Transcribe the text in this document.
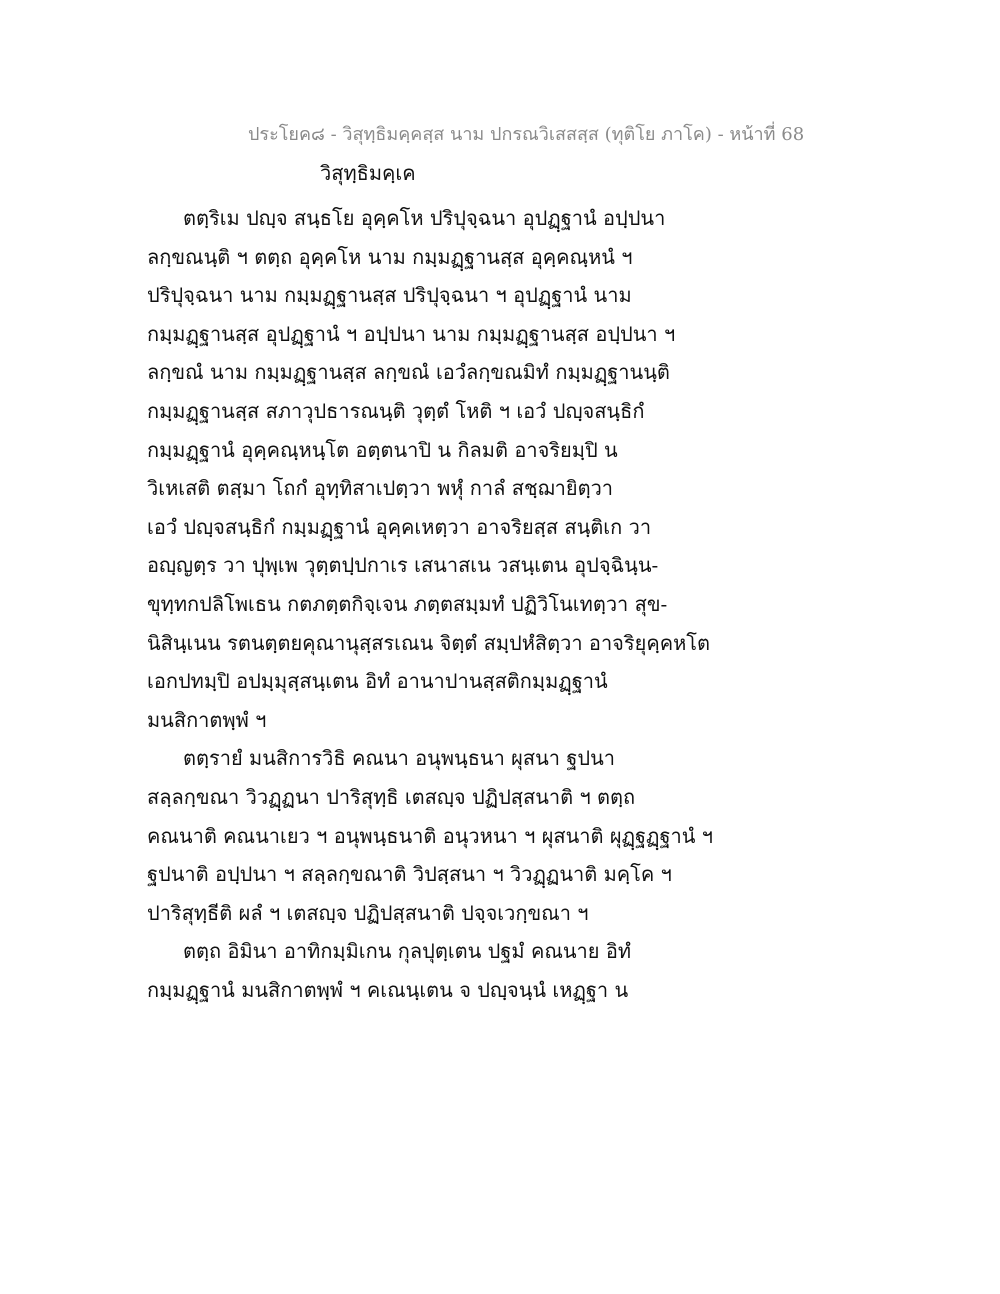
ประโยค๘ - วิสุทฺธิมคฺคสฺส นาม ปกรณวิเสสสฺส (ทุติโย ภาโค) - หน้าที่ 68
วิสุทฺธิมคฺเค
ตตฺริเม ปญฺจ สนฺธโย อุคฺคโห ปริปุจฺฉนา อุปฏฺฐานํ อปฺปนา
ลกฺขณนฺติ ฯ ตตฺถ อุคฺคโห นาม กมฺมฏฺฐานสฺส อุคฺคณฺหนํ ฯ
ปริปุจฺฉนา นาม กมฺมฏฺฐานสฺส ปริปุจฺฉนา ฯ อุปฏฺฐานํ นาม
กมฺมฏฺฐานสฺส อุปฏฺฐานํ ฯ อปฺปนา นาม กมฺมฏฺฐานสฺส อปฺปนา ฯ
ลกฺขณํ นาม กมฺมฏฺฐานสฺส ลกฺขณํ เอวํลกฺขณมิทํ กมฺมฏฺฐานนฺติ
กมฺมฏฺฐานสฺส สภาวุปธารณนฺติ วุตฺตํ โหติ ฯ เอวํ ปญฺจสนฺธิกํ
กมฺมฏฺฐานํ อุคฺคณฺหนฺโต อตฺตนาปิ น กิลมติ อาจริยมฺปิ น
วิเหเสติ ตสฺมา โถกํ อุทฺทิสาเปตฺวา พหุํ กาลํ สชฺฌายิตฺวา
เอวํ ปญฺจสนฺธิกํ กมฺมฏฺฐานํ อุคฺคเหตฺวา อาจริยสฺส สนฺติเก วา
อญฺญตฺร วา ปุพฺเพ วุตฺตปฺปกาเร เสนาสเน วสนฺเตน อุปจฺฉินฺน-
ขุทฺทกปลิโพเธน กตภตฺตกิจฺเจน ภตฺตสมฺมทํ ปฏิวิโนเทตฺวา สุข-
นิสินฺเนน รตนตฺตยคุณานุสฺสรเณน จิตฺตํ สมฺปหํสิตฺวา อาจริยุคฺคหโต
เอกปทมฺปิ อปมฺมุสฺสนฺเตน อิทํ อานาปานสฺสติกมฺมฏฺฐานํ
มนสิกาตพฺพํ ฯ
ตตฺรายํ มนสิการวิธิ คณนา อนุพนฺธนา ผุสนา ฐปนา
สลฺลกฺขณา วิวฏฺฏนา ปาริสุทฺธิ เตสญฺจ ปฏิปสฺสนาติ ฯ ตตฺถ
คณนาติ คณนาเยว ฯ อนุพนฺธนาติ อนุวหนา ฯ ผุสนาติ ผุฏฺฐฏฺฐานํ ฯ
ฐปนาติ อปฺปนา ฯ สลฺลกฺขณาติ วิปสฺสนา ฯ วิวฏฺฏนาติ มคฺโค ฯ
ปาริสุทฺธีติ ผลํ ฯ เตสญฺจ ปฏิปสฺสนาติ ปจฺจเวกฺขณา ฯ
ตตฺถ อิมินา อาทิกมฺมิเกน กุลปุตฺเตน ปฐมํ คณนาย อิทํ
กมฺมฏฺฐานํ มนสิกาตพฺพํ ฯ คเณนฺเตน จ ปญฺจนฺนํ เหฏฺฐา น
